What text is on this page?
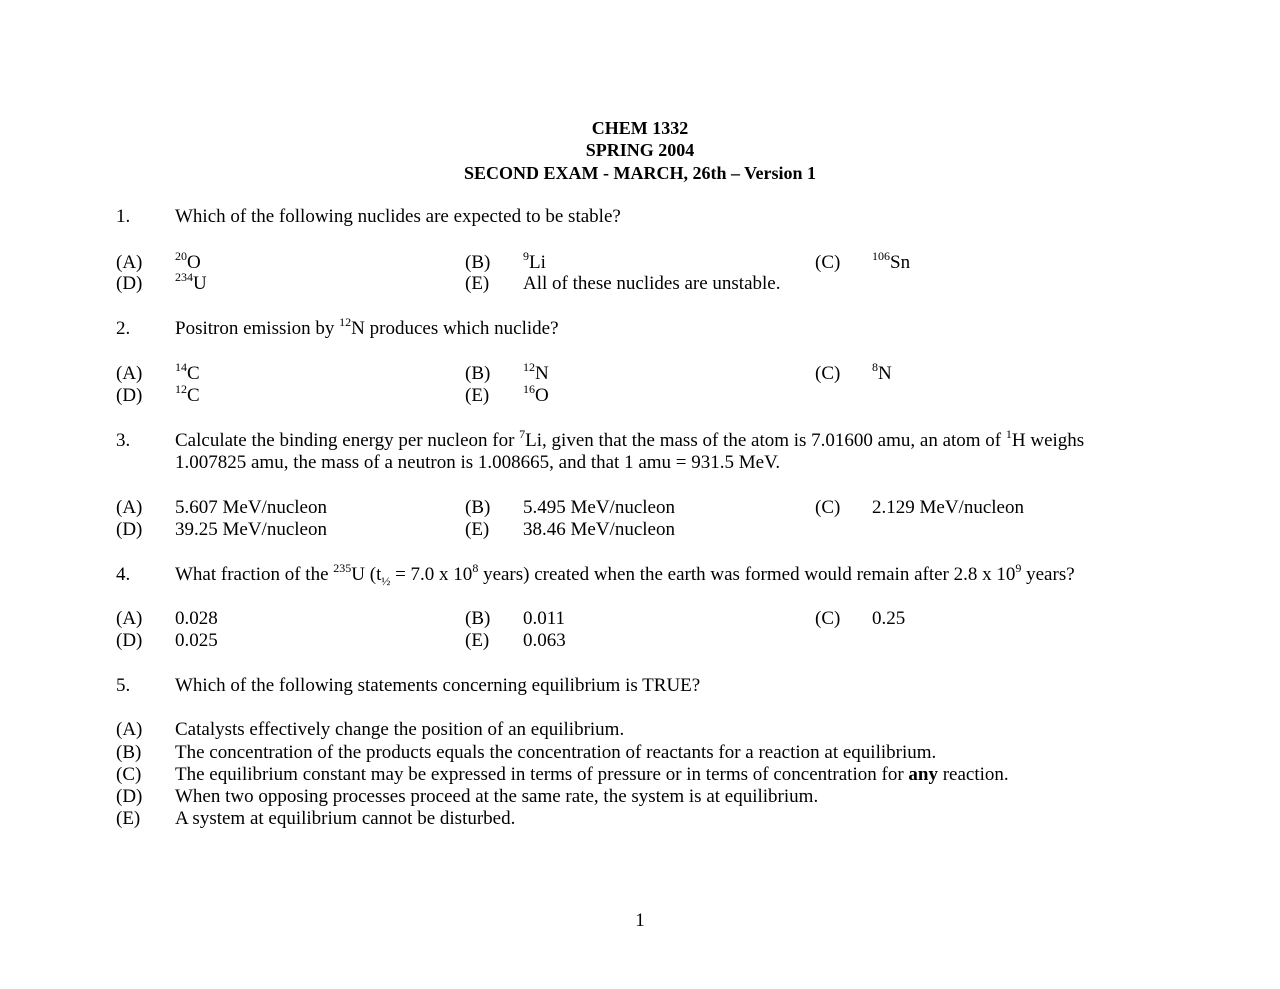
CHEM 1332
SPRING 2004
SECOND EXAM - MARCH, 26th – Version 1
1. Which of the following nuclides are expected to be stable?
(A)	$^{20}$O	(B)	$^9$Li	(C)	$^{106}$Sn
(D)	$^{234}$U	(E) All of these nuclides are unstable.
2. Positron emission by $^{12}$N produces which nuclide?
(A)	$^{14}$C	(B)	$^{12}$N	(C)	$^8$N
(D)	$^{12}$C	(E)	$^{16}$O
3. Calculate the binding energy per nucleon for $^7$Li, given that the mass of the atom is 7.01600 amu, an atom of $^1$H weighs
1.007825 amu, the mass of a neutron is 1.008665, and that 1 amu = 931.5 MeV.
(A) 5.607 MeV/nucleon	(B) 5.495 MeV/nucleon	(C) 2.129 MeV/nucleon
(D) 39.25 MeV/nucleon	(E) 38.46 MeV/nucleon
4. What fraction of the $^{235}$U ($t_{\frac{1}{2}} = 7.0$ x $10^8$ years) created when the earth was formed would remain after 2.8 x $10^9$ years?
(A) 0.028	(B) 0.011	(C) 0.25
(D) 0.025	(E) 0.063
5. Which of the following statements concerning equilibrium is TRUE?
(A) Catalysts effectively change the position of an equilibrium.
(B) The concentration of the products equals the concentration of reactants for a reaction at equilibrium.
(C) The equilibrium constant may be expressed in terms of pressure or in terms of concentration for any reaction.
(D) When two opposing processes proceed at the same rate, the system is at equilibrium.
(E) A system at equilibrium cannot be disturbed.
1
